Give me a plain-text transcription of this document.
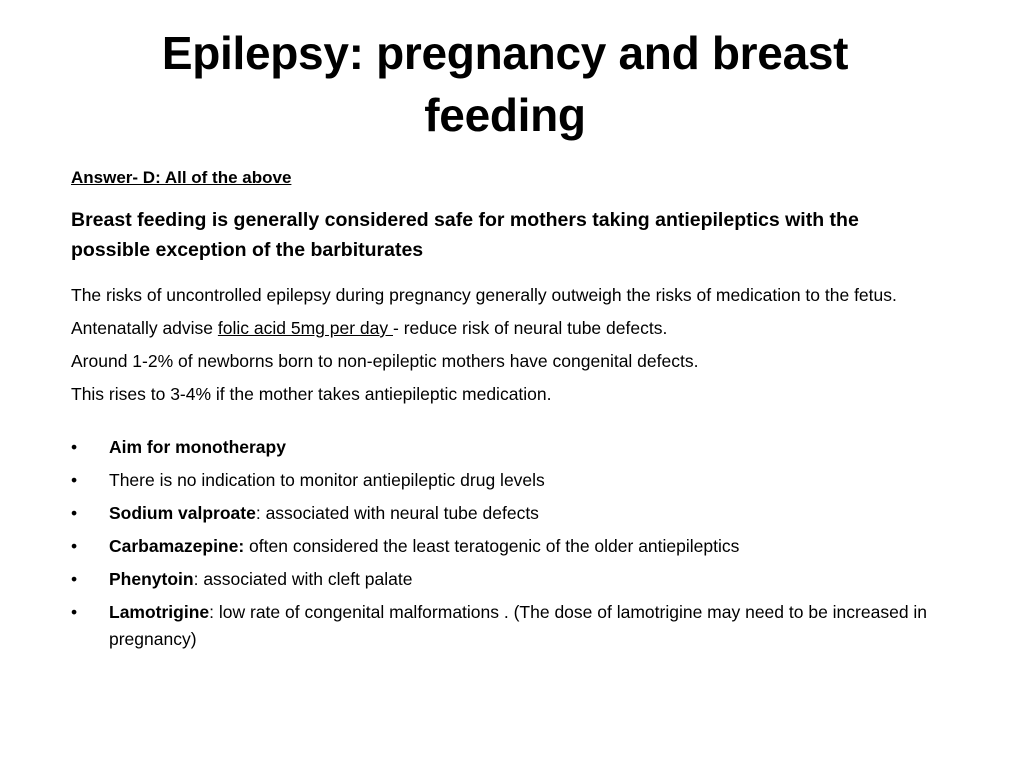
Epilepsy: pregnancy and breast feeding

Answer- D: All of the above

Breast feeding is generally considered safe for mothers taking antiepileptics with the possible exception of the barbiturates

The risks of uncontrolled epilepsy during pregnancy generally outweigh the risks of medication to the fetus.

Antenatally advise folic acid 5mg per day - reduce risk of neural tube defects.

Around 1-2% of newborns born to non-epileptic mothers have congenital defects.

This rises to 3-4% if the mother takes antiepileptic medication.

• Aim for monotherapy
• There is no indication to monitor antiepileptic drug levels
• Sodium valproate: associated with neural tube defects
• Carbamazepine: often considered the least teratogenic of the older antiepileptics
• Phenytoin: associated with cleft palate
• Lamotrigine: low rate of congenital malformations . (The dose of lamotrigine may need to be increased in pregnancy)
